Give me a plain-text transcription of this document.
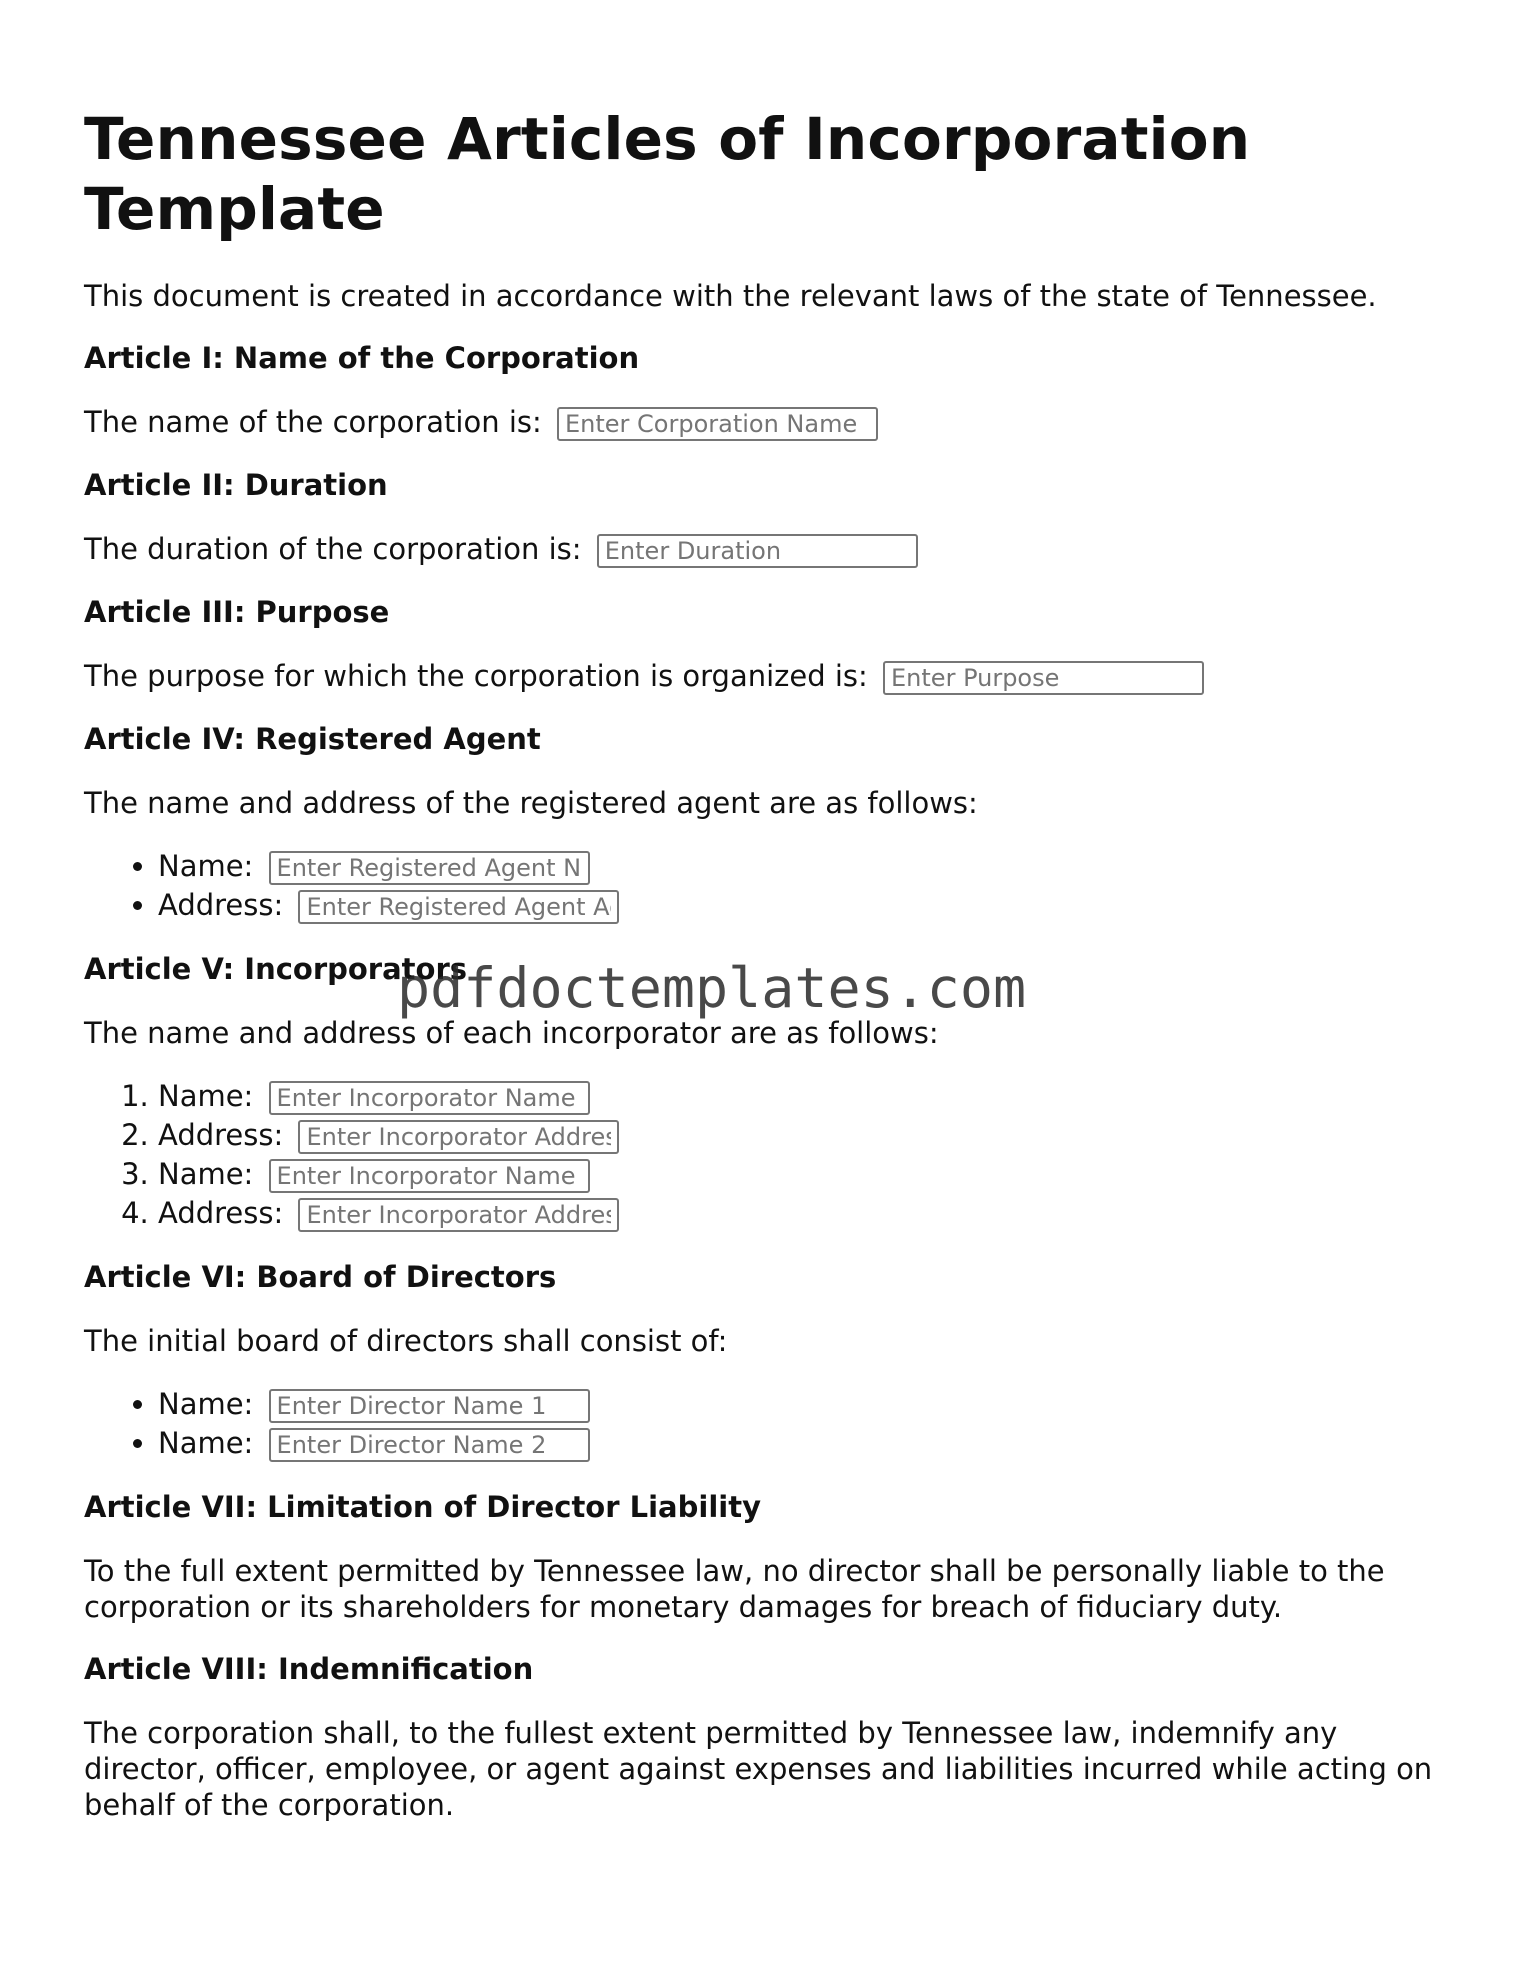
Tennessee Articles of Incorporation Template

This document is created in accordance with the relevant laws of the state of Tennessee.

Article I: Name of the Corporation

The name of the corporation is: Enter Corporation Name

Article II: Duration

The duration of the corporation is: Enter Duration

Article III: Purpose

The purpose for which the corporation is organized is: Enter Purpose

Article IV: Registered Agent

The name and address of the registered agent are as follows:

• Name: Enter Registered Agent Name
• Address: Enter Registered Agent Address
Article V: Incorporators

The name and address of each incorporator are as follows:

1. Name: Enter Incorporator Name 1
2. Address: Enter Incorporator Address 1
3. Name: Enter Incorporator Name 2
4. Address: Enter Incorporator Address 2
Article VI: Board of Directors

The initial board of directors shall consist of:

• Name: Enter Director Name 1
• Name: Enter Director Name 2
Article VII: Limitation of Director Liability

To the full extent permitted by Tennessee law, no director shall be personally liable to the corporation or its shareholders for monetary damages for breach of fiduciary duty.

Article VIII: Indemnification

The corporation shall, to the fullest extent permitted by Tennessee law, indemnify any director, officer, employee, or agent against expenses and liabilities incurred while acting on behalf of the corporation.

pdfdoctemplates.com
